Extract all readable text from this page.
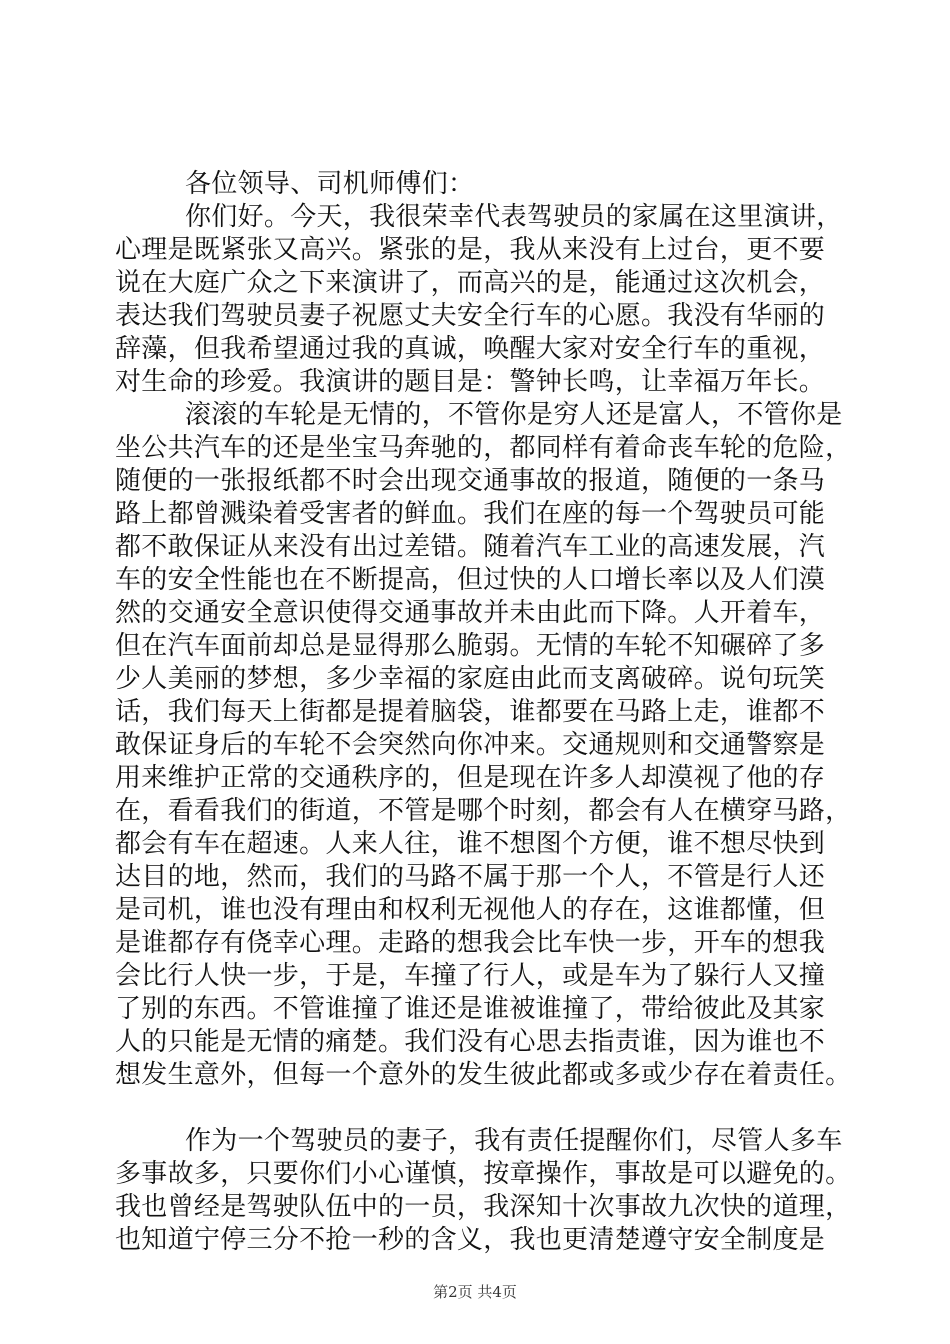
各位领导、司机师傅们：
你们好。今天，我很荣幸代表驾驶员的家属在这里演讲，
心理是既紧张又高兴。紧张的是，我从来没有上过台，更不要
说在大庭广众之下来演讲了，而高兴的是，能通过这次机会，
表达我们驾驶员妻子祝愿丈夫安全行车的心愿。我没有华丽的
辞藻，但我希望通过我的真诚，唤醒大家对安全行车的重视，
对生命的珍爱。我演讲的题目是：警钟长鸣，让幸福万年长。
滚滚的车轮是无情的，不管你是穷人还是富人，不管你是
坐公共汽车的还是坐宝马奔驰的，都同样有着命丧车轮的危险，
随便的一张报纸都不时会出现交通事故的报道，随便的一条马
路上都曾溅染着受害者的鲜血。我们在座的每一个驾驶员可能
都不敢保证从来没有出过差错。随着汽车工业的高速发展，汽
车的安全性能也在不断提高，但过快的人口增长率以及人们漠
然的交通安全意识使得交通事故并未由此而下降。人开着车，
但在汽车面前却总是显得那么脆弱。无情的车轮不知碾碎了多
少人美丽的梦想，多少幸福的家庭由此而支离破碎。说句玩笑
话，我们每天上街都是提着脑袋，谁都要在马路上走，谁都不
敢保证身后的车轮不会突然向你冲来。交通规则和交通警察是
用来维护正常的交通秩序的，但是现在许多人却漠视了他的存
在，看看我们的街道，不管是哪个时刻，都会有人在横穿马路，
都会有车在超速。人来人往，谁不想图个方便，谁不想尽快到
达目的地，然而，我们的马路不属于那一个人，不管是行人还
是司机，谁也没有理由和权利无视他人的存在，这谁都懂，但
是谁都存有侥幸心理。走路的想我会比车快一步，开车的想我
会比行人快一步，于是，车撞了行人，或是车为了躲行人又撞
了别的东西。不管谁撞了谁还是谁被谁撞了，带给彼此及其家
人的只能是无情的痛楚。我们没有心思去指责谁，因为谁也不
想发生意外，但每一个意外的发生彼此都或多或少存在着责任。
作为一个驾驶员的妻子，我有责任提醒你们，尽管人多车
多事故多，只要你们小心谨慎，按章操作，事故是可以避免的。
我也曾经是驾驶队伍中的一员，我深知十次事故九次快的道理，
也知道宁停三分不抢一秒的含义，我也更清楚遵守安全制度是
第2页 共4页
